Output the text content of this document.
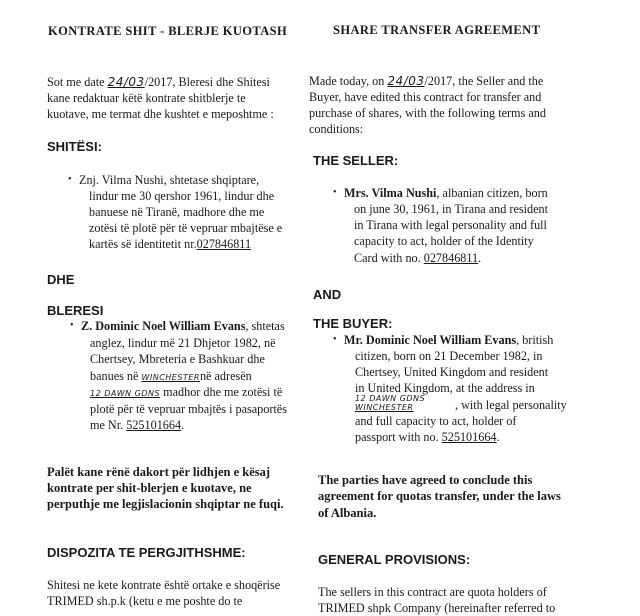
KONTRATE SHIT - BLERJE KUOTASH	SHARE TRANSFER AGREEMENT
Sot me date 24/03/2017, Bleresi dhe Shitesi
kane redaktuar këtë kontrate shitblerje te
kuotave, me termat dhe kushtet e meposhtme :
Made today, on 24/03/2017, the Seller and the
Buyer, have edited this contract for transfer and
purchase of shares, with the following terms and
conditions:
SHITËSI:
• Znj. Vilma Nushi, shtetase shqiptare,
lindur me 30 qershor 1961, lindur dhe
banuese në Tiranë, madhore dhe me
zotësi të plotë për të vepruar mbajtëse e
kartës së identitetit nr.027846811
THE SELLER:
• Mrs. Vilma Nushi, albanian citizen, born
on june 30, 1961, in Tirana and resident
in Tirana with legal personality and full
capacity to act, holder of the Identity
Card with no. 027846811.
DHE
AND
BLERESI
• Z. Dominic Noel William Evans, shtetas
anglez, lindur më 21 Dhjetor 1982, në
Chertsey, Mbreteria e Bashkuar dhe
banues në WINCHESTERnë adresën
12 DAWN GDNS madhor dhe me zotësi të
plotë për të vepruar mbajtës i pasaportës
me Nr. 525101664.
THE BUYER:
• Mr. Dominic Noel William Evans, british
citizen, born on 21 December 1982, in
Chertsey, United Kingdom and resident
in United Kingdom, at the address in
12 DAWN GDNS
WINCHESTER	, with legal personality
and full capacity to act, holder of
passport with no. 525101664.
Palët kane rënë dakort për lidhjen e kësaj
kontrate per shit-blerjen e kuotave, ne
perputhje me legjislacionin shqiptar ne fuqi.
The parties have agreed to conclude this
agreement for quotas transfer, under the laws
of Albania.
DISPOZITA TE PERGJITHSHME:	GENERAL PROVISIONS:
Shitesi ne kete kontrate është ortake e shoqërise
TRIMED sh.p.k (ketu e me poshte do te
The sellers in this contract are quota holders of
TRIMED shpk Company (hereinafter referred to
